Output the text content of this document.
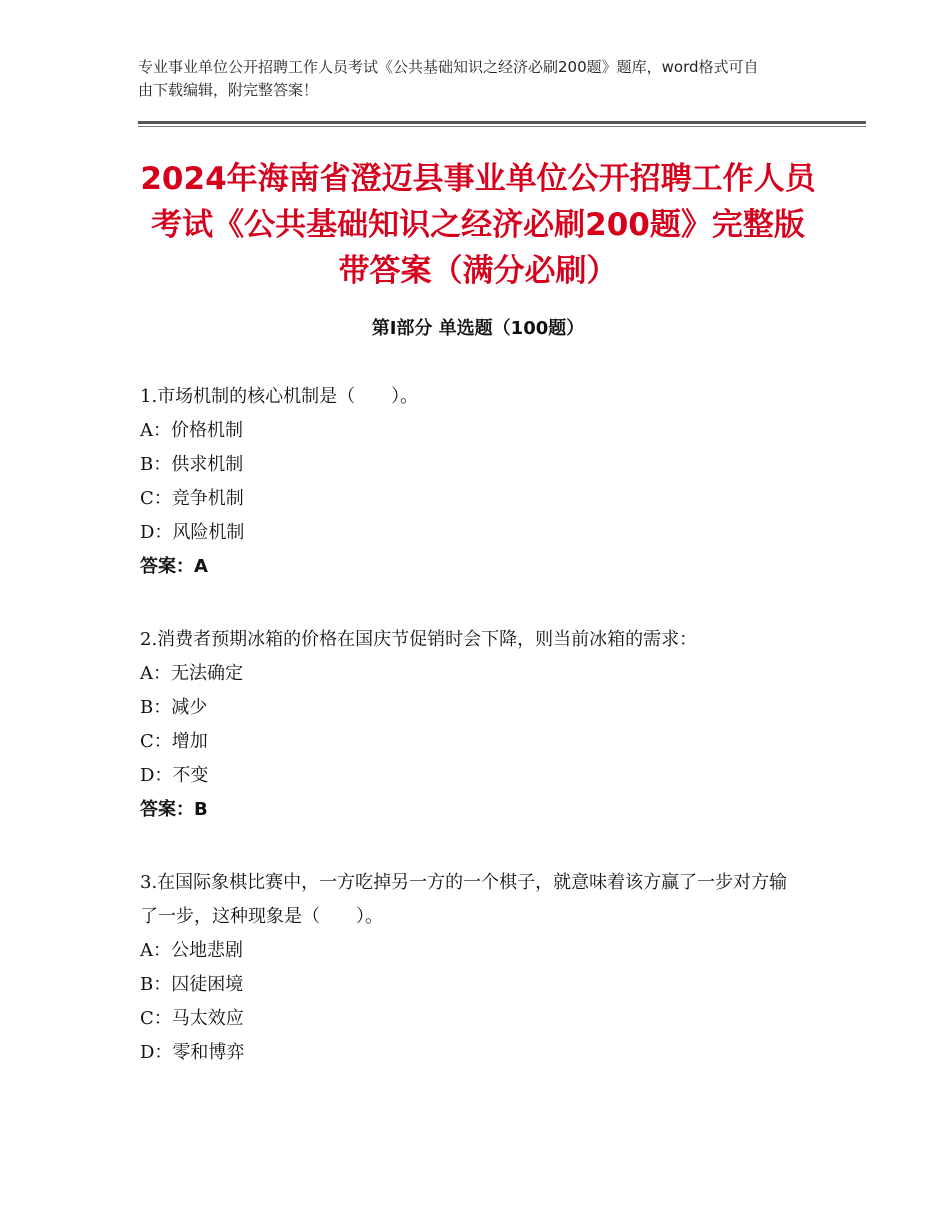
专业事业单位公开招聘工作人员考试《公共基础知识之经济必刷200题》题库，word格式可自由下载编辑，附完整答案！
2024年海南省澄迈县事业单位公开招聘工作人员考试《公共基础知识之经济必刷200题》完整版带答案（满分必刷）
第Ⅰ部分 单选题（100题）

1.市场机制的核心机制是（　　）。

A：价格机制

B：供求机制

C：竞争机制

D：风险机制

答案：A

2.消费者预期冰箱的价格在国庆节促销时会下降，则当前冰箱的需求：

A：无法确定

B：减少

C：增加

D：不变

答案：B

3.在国际象棋比赛中，一方吃掉另一方的一个棋子，就意味着该方赢了一步对方输了一步，这种现象是（　　）。

A：公地悲剧

B：囚徒困境

C：马太效应

D：零和博弈
